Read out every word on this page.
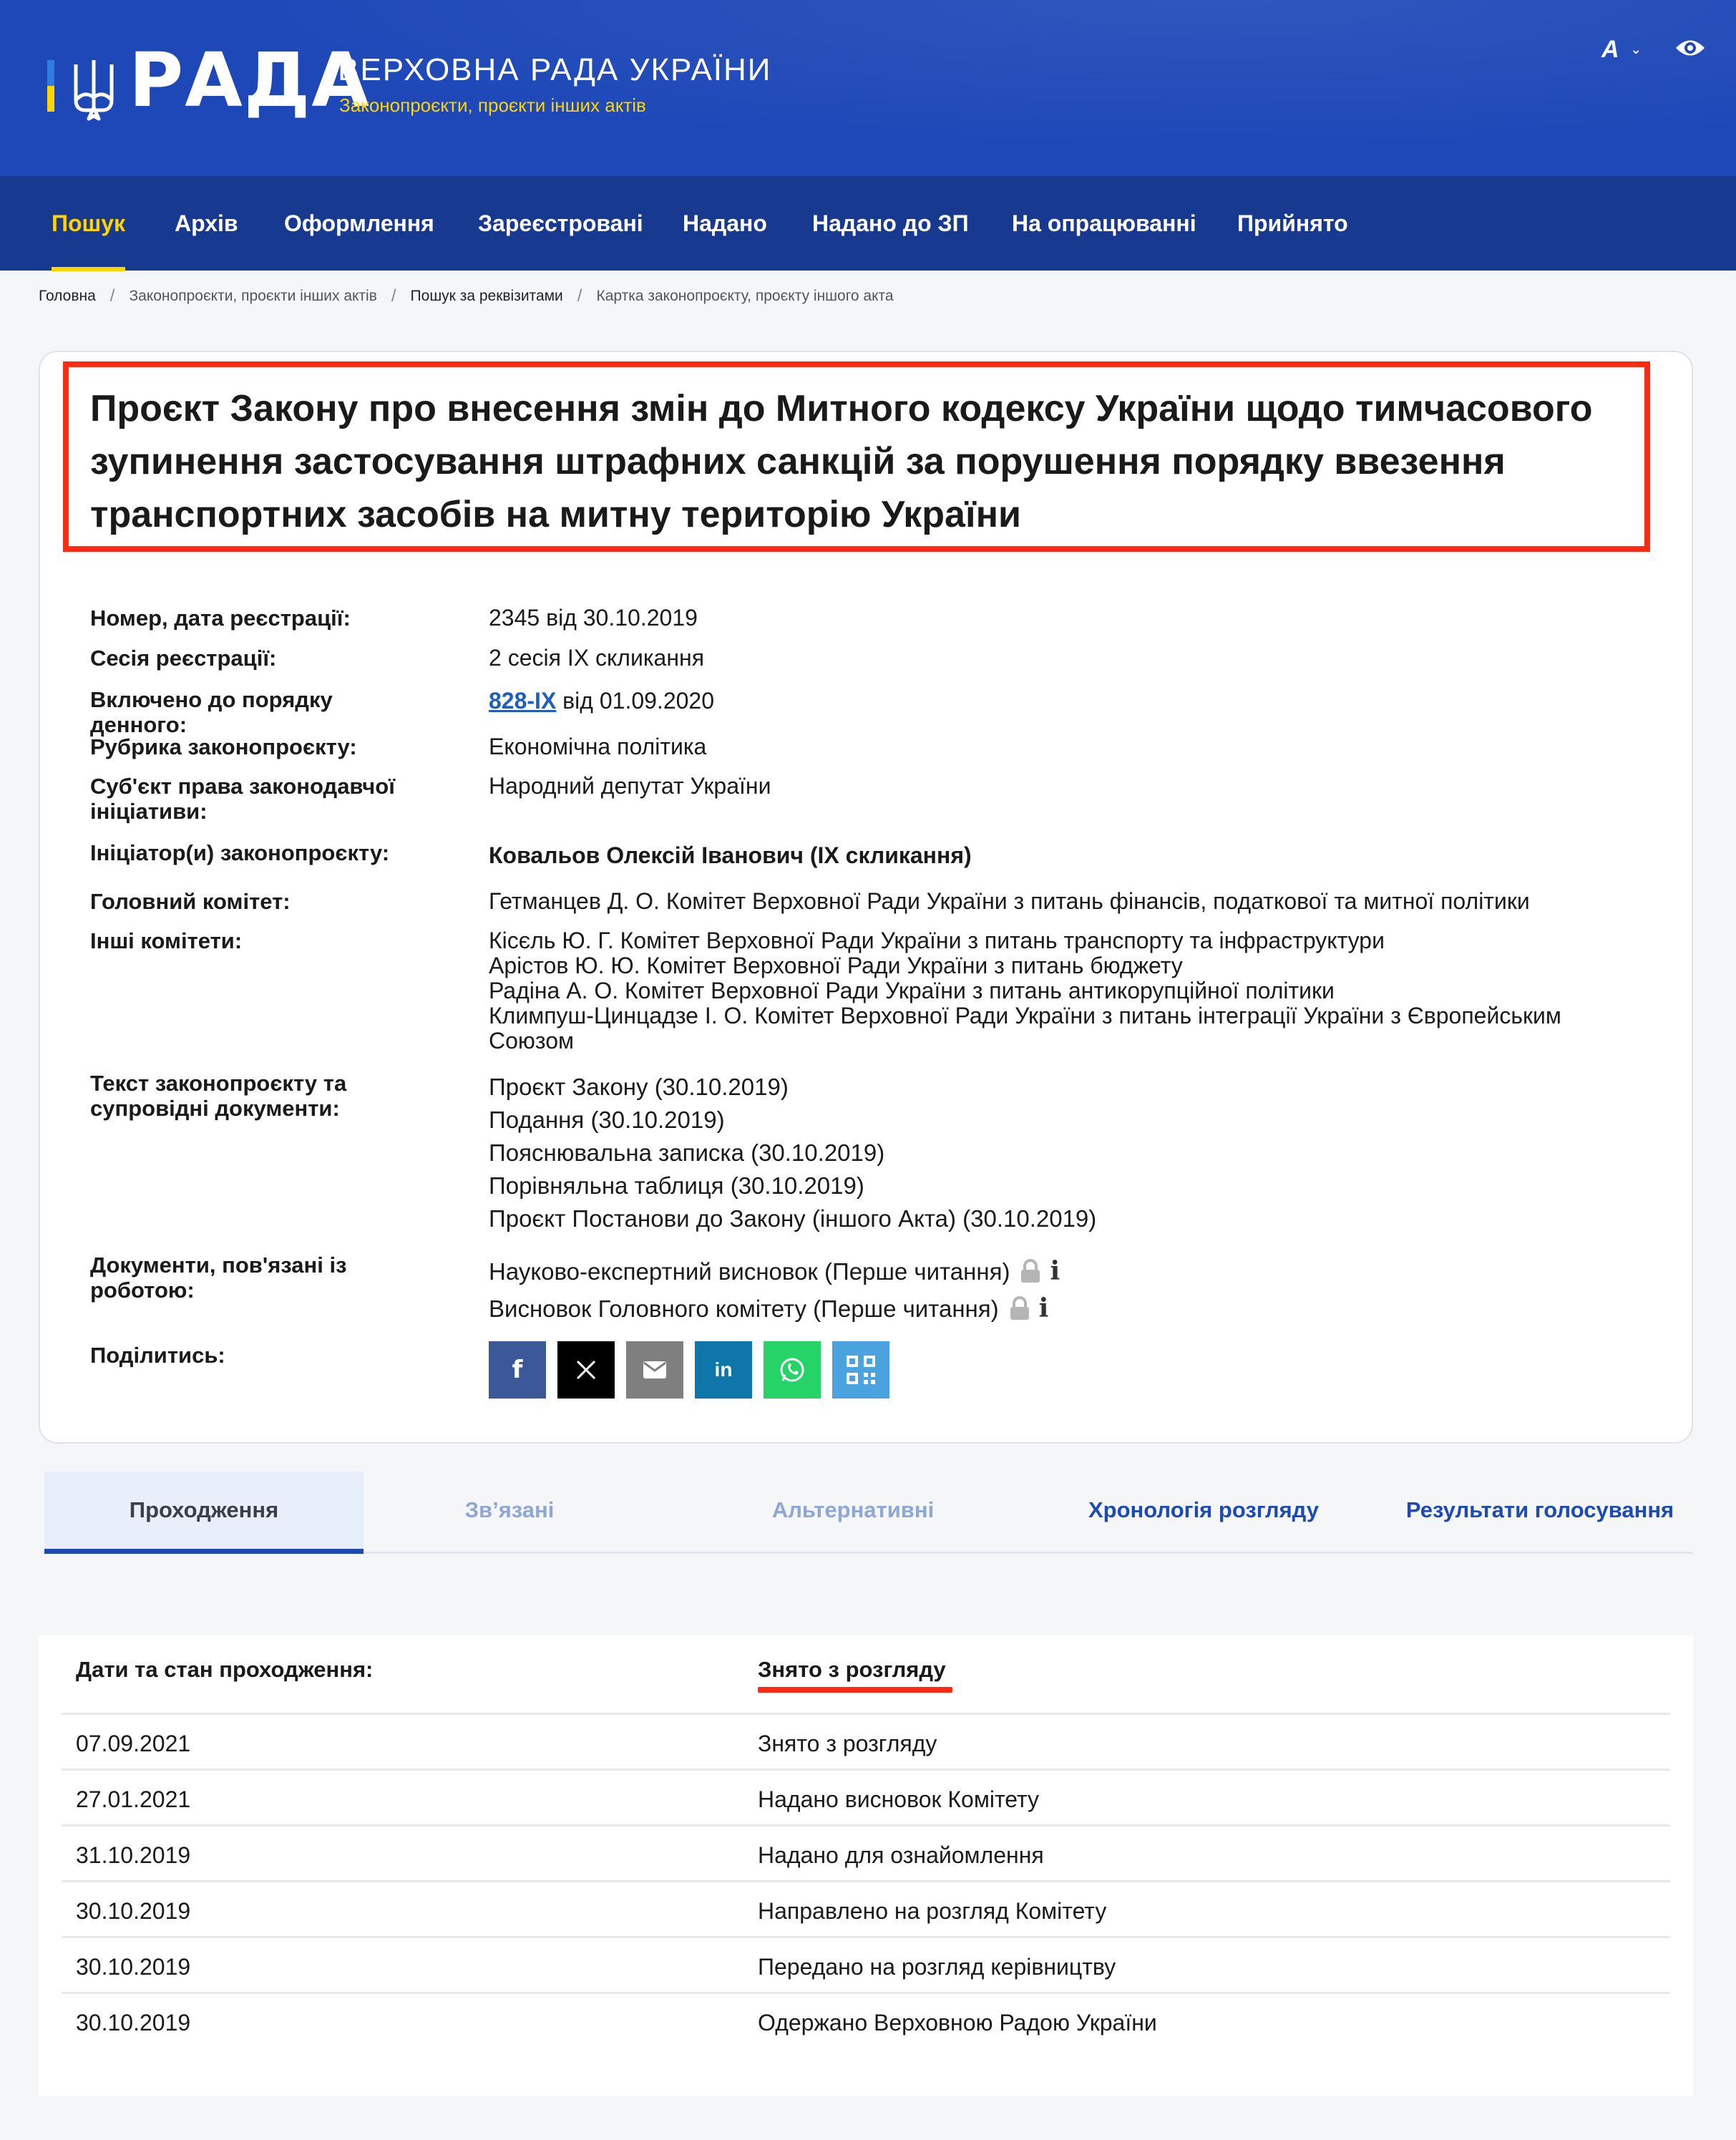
РАДА
ВЕРХОВНА РАДА УКРАЇНИ
Законопроєкти, проєкти інших актів
A ⌄
Пошук Архів Оформлення Зареєстровані Надано Надано до ЗП На опрацюванні Прийнято
Головна / Законопроєкти, проєкти інших актів / Пошук за реквізитами / Картка законопроєкту, проєкту іншого акта
Проєкт Закону про внесення змін до Митного кодексу України щодо тимчасового зупинення застосування штрафних санкцій за порушення порядку ввезення транспортних засобів на митну територію України
Номер, дата реєстрації:	2345 від 30.10.2019
Сесія реєстрації:	2 сесія IX скликання
Включено до порядку денного:
828-IX від 01.09.2020
Рубрика законопроєкту:	Економічна політика
Суб'єкт права законодавчої ініціативи:
Народний депутат України
Ініціатор(и) законопроєкту:	Ковальов Олексій Іванович (IX скликання)
Головний комітет:	Гетманцев Д. О. Комітет Верховної Ради України з питань фінансів, податкової та митної політики
Інші комітети:	Кісєль Ю. Г. Комітет Верховної Ради України з питань транспорту та інфраструктури
Арістов Ю. Ю. Комітет Верховної Ради України з питань бюджету
Радіна А. О. Комітет Верховної Ради України з питань антикорупційної політики
Климпуш-Цинцадзе І. О. Комітет Верховної Ради України з питань інтеграції України з Європейським Союзом
Текст законопроєкту та супровідні документи:
Проєкт Закону (30.10.2019)
Подання (30.10.2019)
Пояснювальна записка (30.10.2019)
Порівняльна таблиця (30.10.2019)
Проєкт Постанови до Закону (іншого Акта) (30.10.2019)
Документи, пов'язані із роботою:
Науково-експертний висновок (Перше читання) i
Висновок Головного комітету (Перше читання) i
Поділитись:
f	in
Проходження	Зв’язані	Альтернативні	Хронологія розгляду	Результати голосування
Дати та стан проходження:	Знято з розгляду
07.09.2021	Знято з розгляду
27.01.2021	Надано висновок Комітету
31.10.2019	Надано для ознайомлення
30.10.2019	Направлено на розгляд Комітету
30.10.2019	Передано на розгляд керівництву
30.10.2019	Одержано Верховною Радою України
